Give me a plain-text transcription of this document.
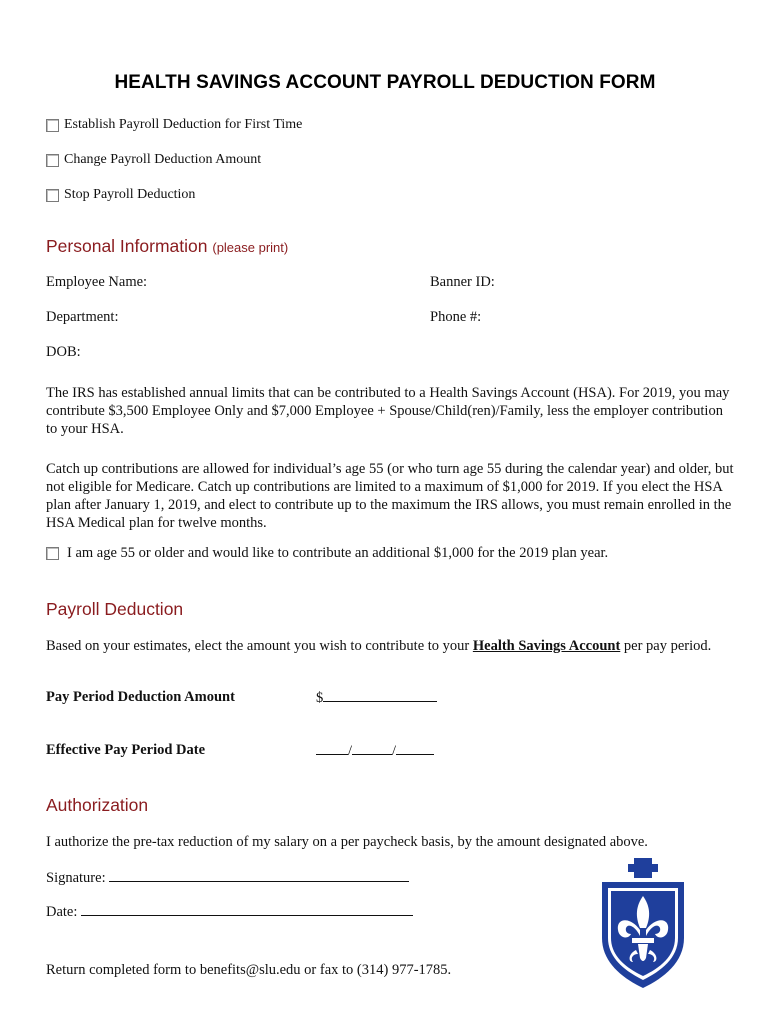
HEALTH SAVINGS ACCOUNT PAYROLL DEDUCTION FORM
Establish Payroll Deduction for First Time
Change Payroll Deduction Amount
Stop Payroll Deduction
Personal Information (please print)
Employee Name:	Banner ID:
Department:	Phone #:
DOB:
The IRS has established annual limits that can be contributed to a Health Savings Account (HSA). For 2019, you may contribute $3,500 Employee Only and $7,000 Employee + Spouse/Child(ren)/Family, less the employer contribution to your HSA.
Catch up contributions are allowed for individual’s age 55 (or who turn age 55 during the calendar year) and older, but not eligible for Medicare. Catch up contributions are limited to a maximum of $1,000 for 2019. If you elect the HSA plan after January 1, 2019, and elect to contribute up to the maximum the IRS allows, you must remain enrolled in the HSA Medical plan for twelve months.
I am age 55 or older and would like to contribute an additional $1,000 for the 2019 plan year.
Payroll Deduction
Based on your estimates, elect the amount you wish to contribute to your Health Savings Account per pay period.
Pay Period Deduction Amount	$
Effective Pay Period Date	/	/
Authorization
I authorize the pre-tax reduction of my salary on a per paycheck basis, by the amount designated above.
Signature:
Date:
Return completed form to benefits@slu.edu or fax to (314) 977-1785.
